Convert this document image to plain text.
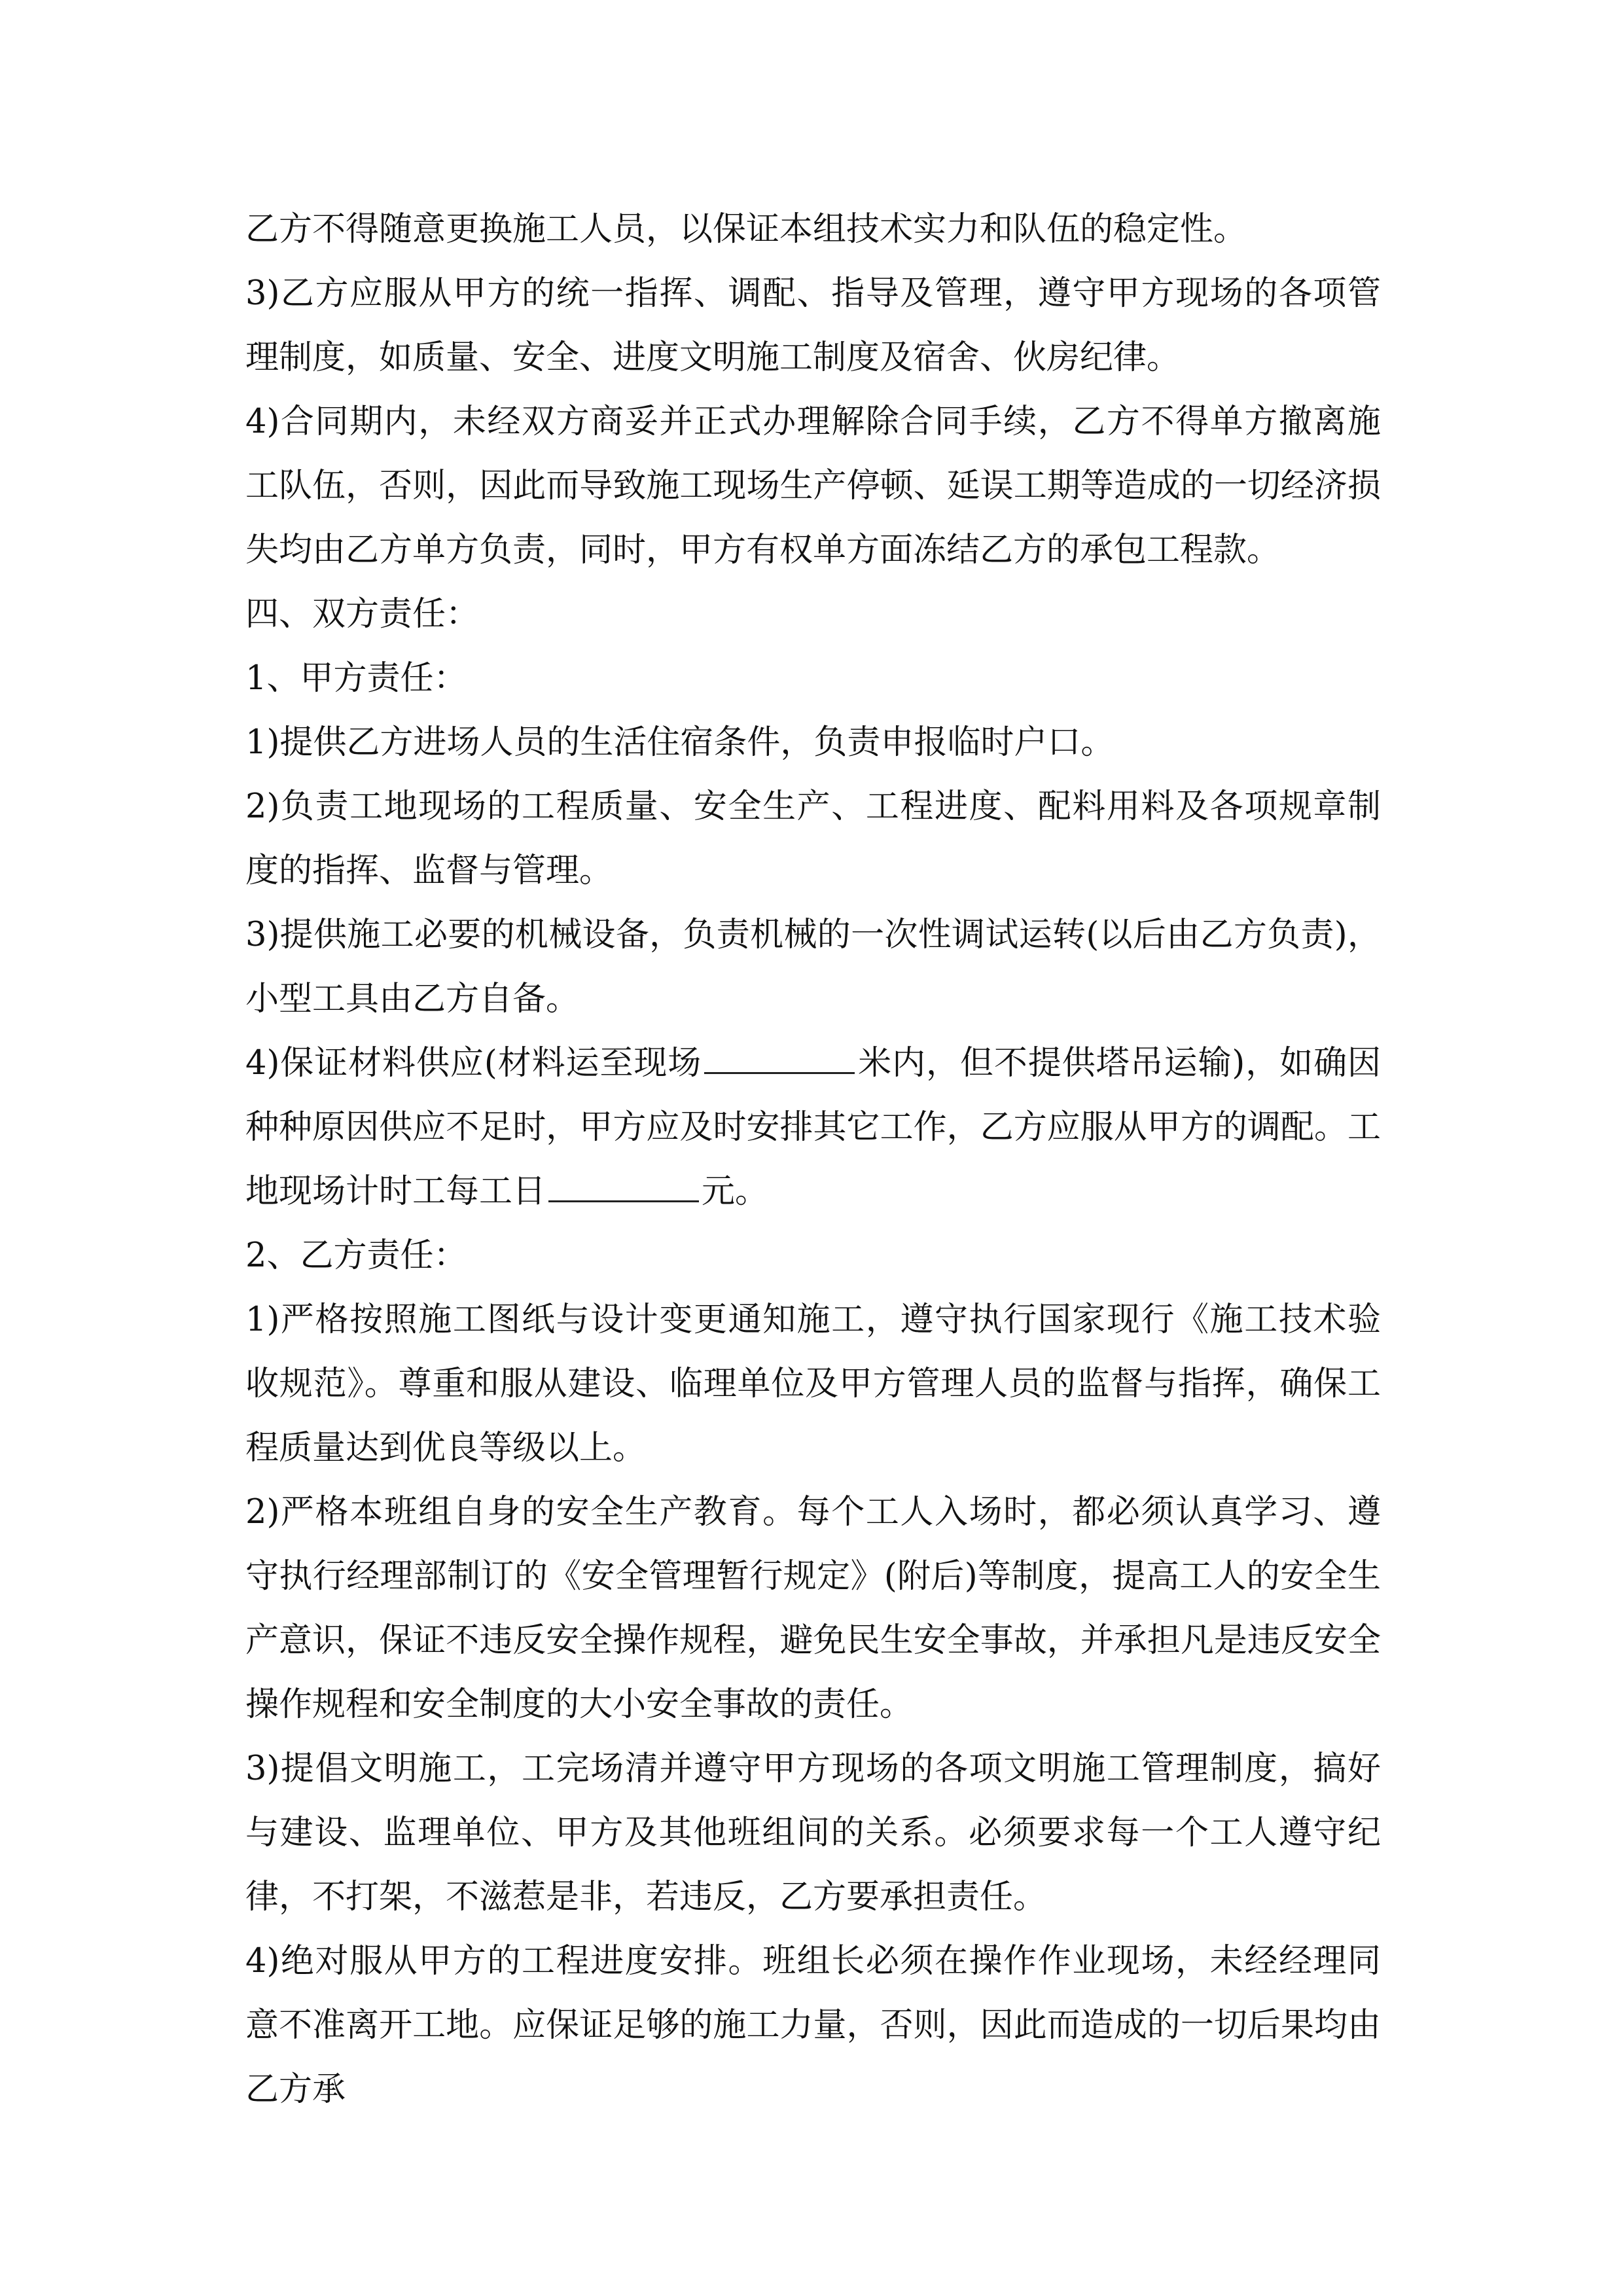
乙方不得随意更换施工人员，以保证本组技术实力和队伍的稳定性。

3)乙方应服从甲方的统一指挥、调配、指导及管理，遵守甲方现场的各项管理制度，如质量、安全、进度文明施工制度及宿舍、伙房纪律。

4)合同期内，未经双方商妥并正式办理解除合同手续，乙方不得单方撤离施工队伍，否则，因此而导致施工现场生产停顿、延误工期等造成的一切经济损失均由乙方单方负责，同时，甲方有权单方面冻结乙方的承包工程款。

四、双方责任：

1、甲方责任：

1)提供乙方进场人员的生活住宿条件，负责申报临时户口。

2)负责工地现场的工程质量、安全生产、工程进度、配料用料及各项规章制度的指挥、监督与管理。

3)提供施工必要的机械设备，负责机械的一次性调试运转(以后由乙方负责)，小型工具由乙方自备。

4)保证材料供应(材料运至现场	米内，但不提供塔吊运输)，如确因种种原因供应不足时，甲方应及时安排其它工作，乙方应服从甲方的调配。工地现场计时工每工日	元。

2、乙方责任：

1)严格按照施工图纸与设计变更通知施工，遵守执行国家现行《施工技术验收规范》。尊重和服从建设、临理单位及甲方管理人员的监督与指挥，确保工程质量达到优良等级以上。

2)严格本班组自身的安全生产教育。每个工人入场时，都必须认真学习、遵守执行经理部制订的《安全管理暂行规定》(附后)等制度，提高工人的安全生产意识，保证不违反安全操作规程，避免民生安全事故，并承担凡是违反安全操作规程和安全制度的大小安全事故的责任。

3)提倡文明施工，工完场清并遵守甲方现场的各项文明施工管理制度，搞好与建设、监理单位、甲方及其他班组间的关系。必须要求每一个工人遵守纪律，不打架，不滋惹是非，若违反，乙方要承担责任。

4)绝对服从甲方的工程进度安排。班组长必须在操作作业现场，未经经理同意不准离开工地。应保证足够的施工力量，否则，因此而造成的一切后果均由乙方承
